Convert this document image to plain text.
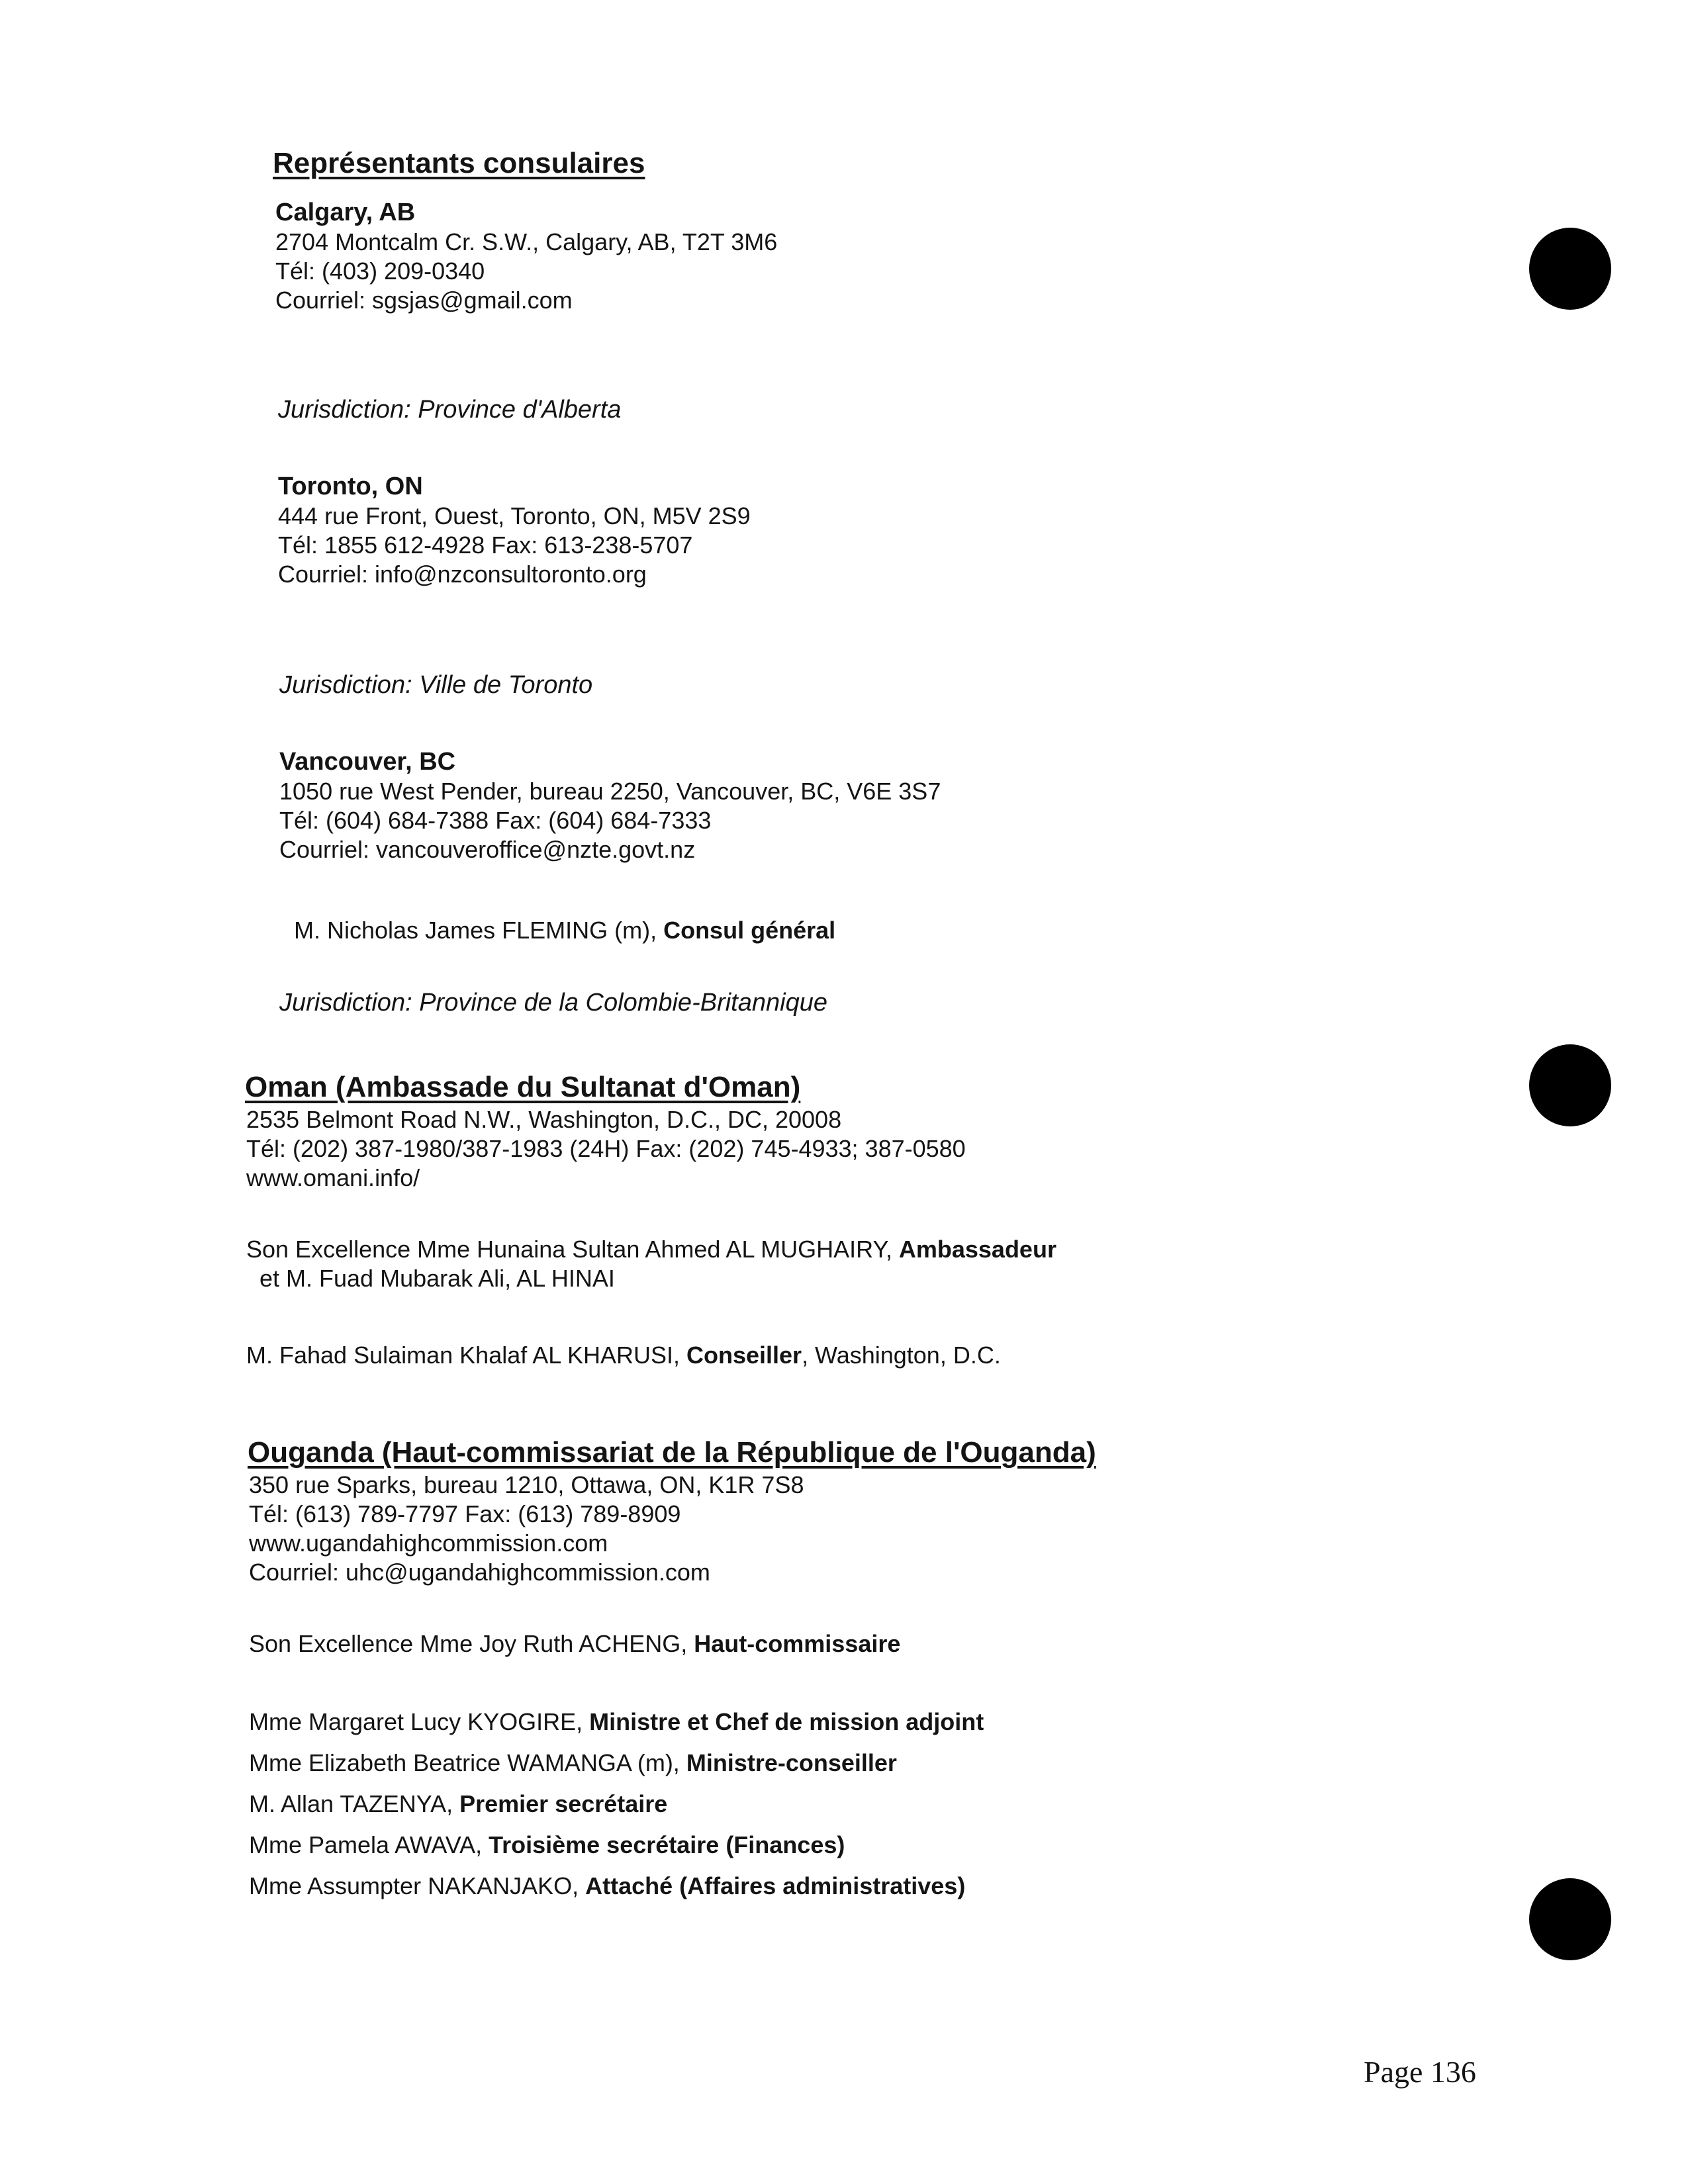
Représentants consulaires
Calgary, AB
2704 Montcalm Cr. S.W., Calgary, AB, T2T 3M6
Tél: (403) 209-0340
Courriel: sgsjas@gmail.com
Jurisdiction: Province d'Alberta
Toronto, ON
444 rue Front, Ouest, Toronto, ON, M5V 2S9
Tél: 1855 612-4928 Fax: 613-238-5707
Courriel: info@nzconsultoronto.org
Jurisdiction: Ville de Toronto
Vancouver, BC
1050 rue West Pender, bureau 2250, Vancouver, BC, V6E 3S7
Tél: (604) 684-7388 Fax: (604) 684-7333
Courriel: vancouveroffice@nzte.govt.nz
M. Nicholas James FLEMING (m), Consul général
Jurisdiction: Province de la Colombie-Britannique
Oman (Ambassade du Sultanat d'Oman)
2535 Belmont Road N.W., Washington, D.C., DC, 20008
Tél: (202) 387-1980/387-1983 (24H) Fax: (202) 745-4933; 387-0580
www.omani.info/
Son Excellence Mme Hunaina Sultan Ahmed AL MUGHAIRY, Ambassadeur
et M. Fuad Mubarak Ali, AL HINAI
M. Fahad Sulaiman Khalaf AL KHARUSI, Conseiller, Washington, D.C.
Ouganda (Haut-commissariat de la République de l'Ouganda)
350 rue Sparks, bureau 1210, Ottawa, ON, K1R 7S8
Tél: (613) 789-7797 Fax: (613) 789-8909
www.ugandahighcommission.com
Courriel: uhc@ugandahighcommission.com
Son Excellence Mme Joy Ruth ACHENG, Haut-commissaire
Mme Margaret Lucy KYOGIRE, Ministre et Chef de mission adjoint
Mme Elizabeth Beatrice WAMANGA (m), Ministre-conseiller
M. Allan TAZENYA, Premier secrétaire
Mme Pamela AWAVA, Troisième secrétaire (Finances)
Mme Assumpter NAKANJAKO, Attaché (Affaires administratives)
Page 136
